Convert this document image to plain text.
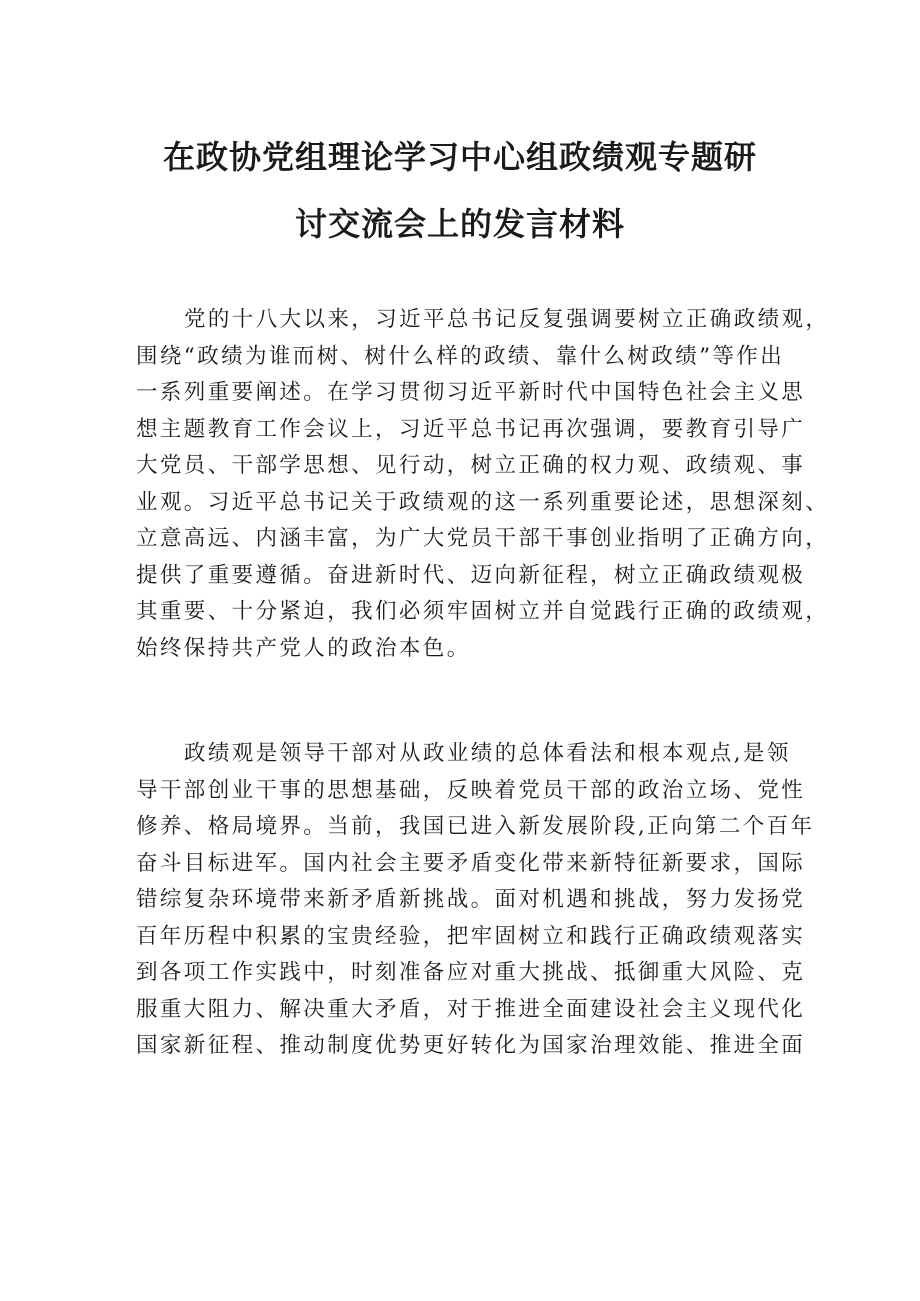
在政协党组理论学习中心组政绩观专题研
讨交流会上的发言材料
党的十八大以来，习近平总书记反复强调要树立正确政绩观，
围绕“政绩为谁而树、树什么样的政绩、靠什么树政绩”等作出
一系列重要阐述。在学习贯彻习近平新时代中国特色社会主义思
想主题教育工作会议上，习近平总书记再次强调，要教育引导广
大党员、干部学思想、见行动，树立正确的权力观、政绩观、事
业观。习近平总书记关于政绩观的这一系列重要论述，思想深刻、
立意高远、内涵丰富，为广大党员干部干事创业指明了正确方向，
提供了重要遵循。奋进新时代、迈向新征程，树立正确政绩观极
其重要、十分紧迫，我们必须牢固树立并自觉践行正确的政绩观，
始终保持共产党人的政治本色。
政绩观是领导干部对从政业绩的总体看法和根本观点,是领
导干部创业干事的思想基础，反映着党员干部的政治立场、党性
修养、格局境界。当前，我国已进入新发展阶段,正向第二个百年
奋斗目标进军。国内社会主要矛盾变化带来新特征新要求，国际
错综复杂环境带来新矛盾新挑战。面对机遇和挑战，努力发扬党
百年历程中积累的宝贵经验，把牢固树立和践行正确政绩观落实
到各项工作实践中，时刻准备应对重大挑战、抵御重大风险、克
服重大阻力、解决重大矛盾，对于推进全面建设社会主义现代化
国家新征程、推动制度优势更好转化为国家治理效能、推进全面
